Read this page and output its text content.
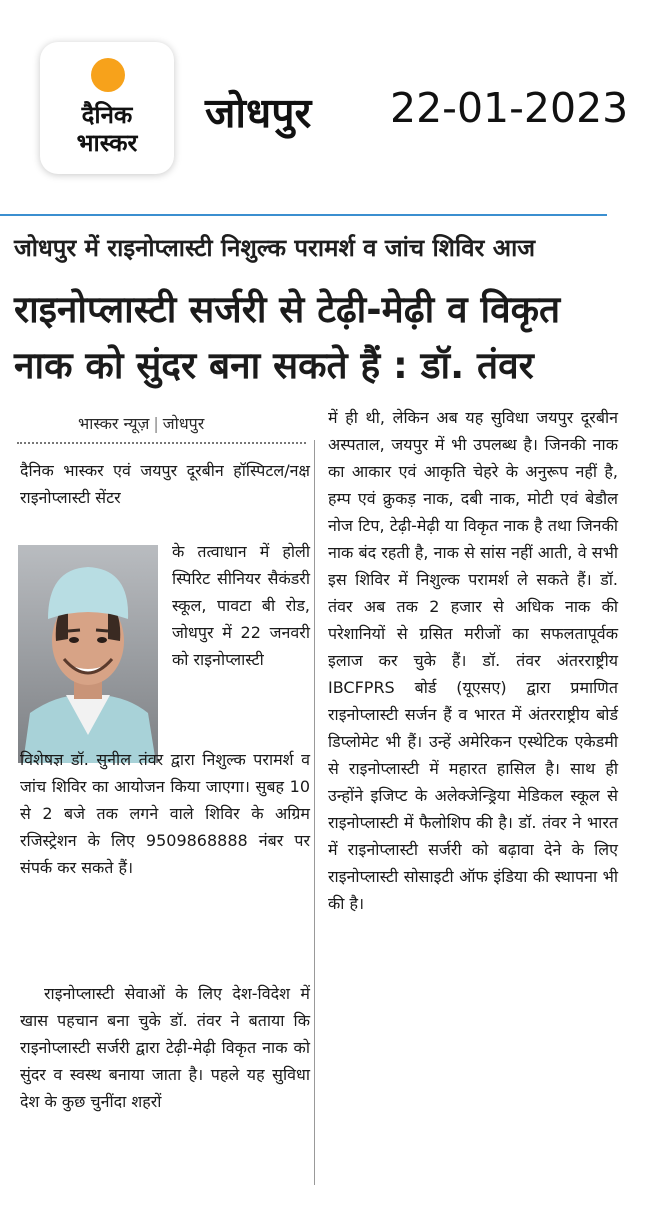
दैनिक
भास्कर
जोधपुर 22-01-2023
जोधपुर में राइनोप्लास्टी निशुल्क परामर्श व जांच शिविर आज
राइनोप्लास्टी सर्जरी से टेढ़ी-मेढ़ी व विकृत नाक को सुंदर बना सकते हैं : डॉ. तंवर
भास्कर न्यूज़ | जोधपुर

दैनिक भास्कर एवं जयपुर दूरबीन हॉस्पिटल/नक्ष राइनोप्लास्टी सेंटर

के तत्वाधान में होली स्पिरिट सीनियर सैकंडरी स्कूल, पावटा बी रोड, जोधपुर में 22 जनवरी को राइनोप्लास्टी

विशेषज्ञ डॉ. सुनील तंवर द्वारा निशुल्क परामर्श व जांच शिविर का आयोजन किया जाएगा। सुबह 10 से 2 बजे तक लगने वाले शिविर के अग्रिम रजिस्ट्रेशन के लिए 9509868888 नंबर पर संपर्क कर सकते हैं।

राइनोप्लास्टी सेवाओं के लिए देश-विदेश में खास पहचान बना चुके डॉ. तंवर ने बताया कि राइनोप्लास्टी सर्जरी द्वारा टेढ़ी-मेढ़ी विकृत नाक को सुंदर व स्वस्थ बनाया जाता है। पहले यह सुविधा देश के कुछ चुनींदा शहरों

में ही थी, लेकिन अब यह सुविधा जयपुर दूरबीन अस्पताल, जयपुर में भी उपलब्ध है। जिनकी नाक का आकार एवं आकृति चेहरे के अनुरूप नहीं है, हम्प एवं क्रुकड़ नाक, दबी नाक, मोटी एवं बेडौल नोज टिप, टेढ़ी-मेढ़ी या विकृत नाक है तथा जिनकी नाक बंद रहती है, नाक से सांस नहीं आती, वे सभी इस शिविर में निशुल्क परामर्श ले सकते हैं। डॉ. तंवर अब तक 2 हजार से अधिक नाक की परेशानियों से ग्रसित मरीजों का सफलतापूर्वक इलाज कर चुके हैं। डॉ. तंवर अंतरराष्ट्रीय IBCFPRS बोर्ड (यूएसए) द्वारा प्रमाणित राइनोप्लास्टी सर्जन हैं व भारत में अंतरराष्ट्रीय बोर्ड डिप्लोमेट भी हैं। उन्हें अमेरिकन एस्थेटिक एकेडमी से राइनोप्लास्टी में महारत हासिल है। साथ ही उन्होंने इजिप्ट के अलेक्जेन्ड्रिया मेडिकल स्कूल से राइनोप्लास्टी में फैलोशिप की है। डॉ. तंवर ने भारत में राइनोप्लास्टी सर्जरी को बढ़ावा देने के लिए राइनोप्लास्टी सोसाइटी ऑफ इंडिया की स्थापना भी की है।
